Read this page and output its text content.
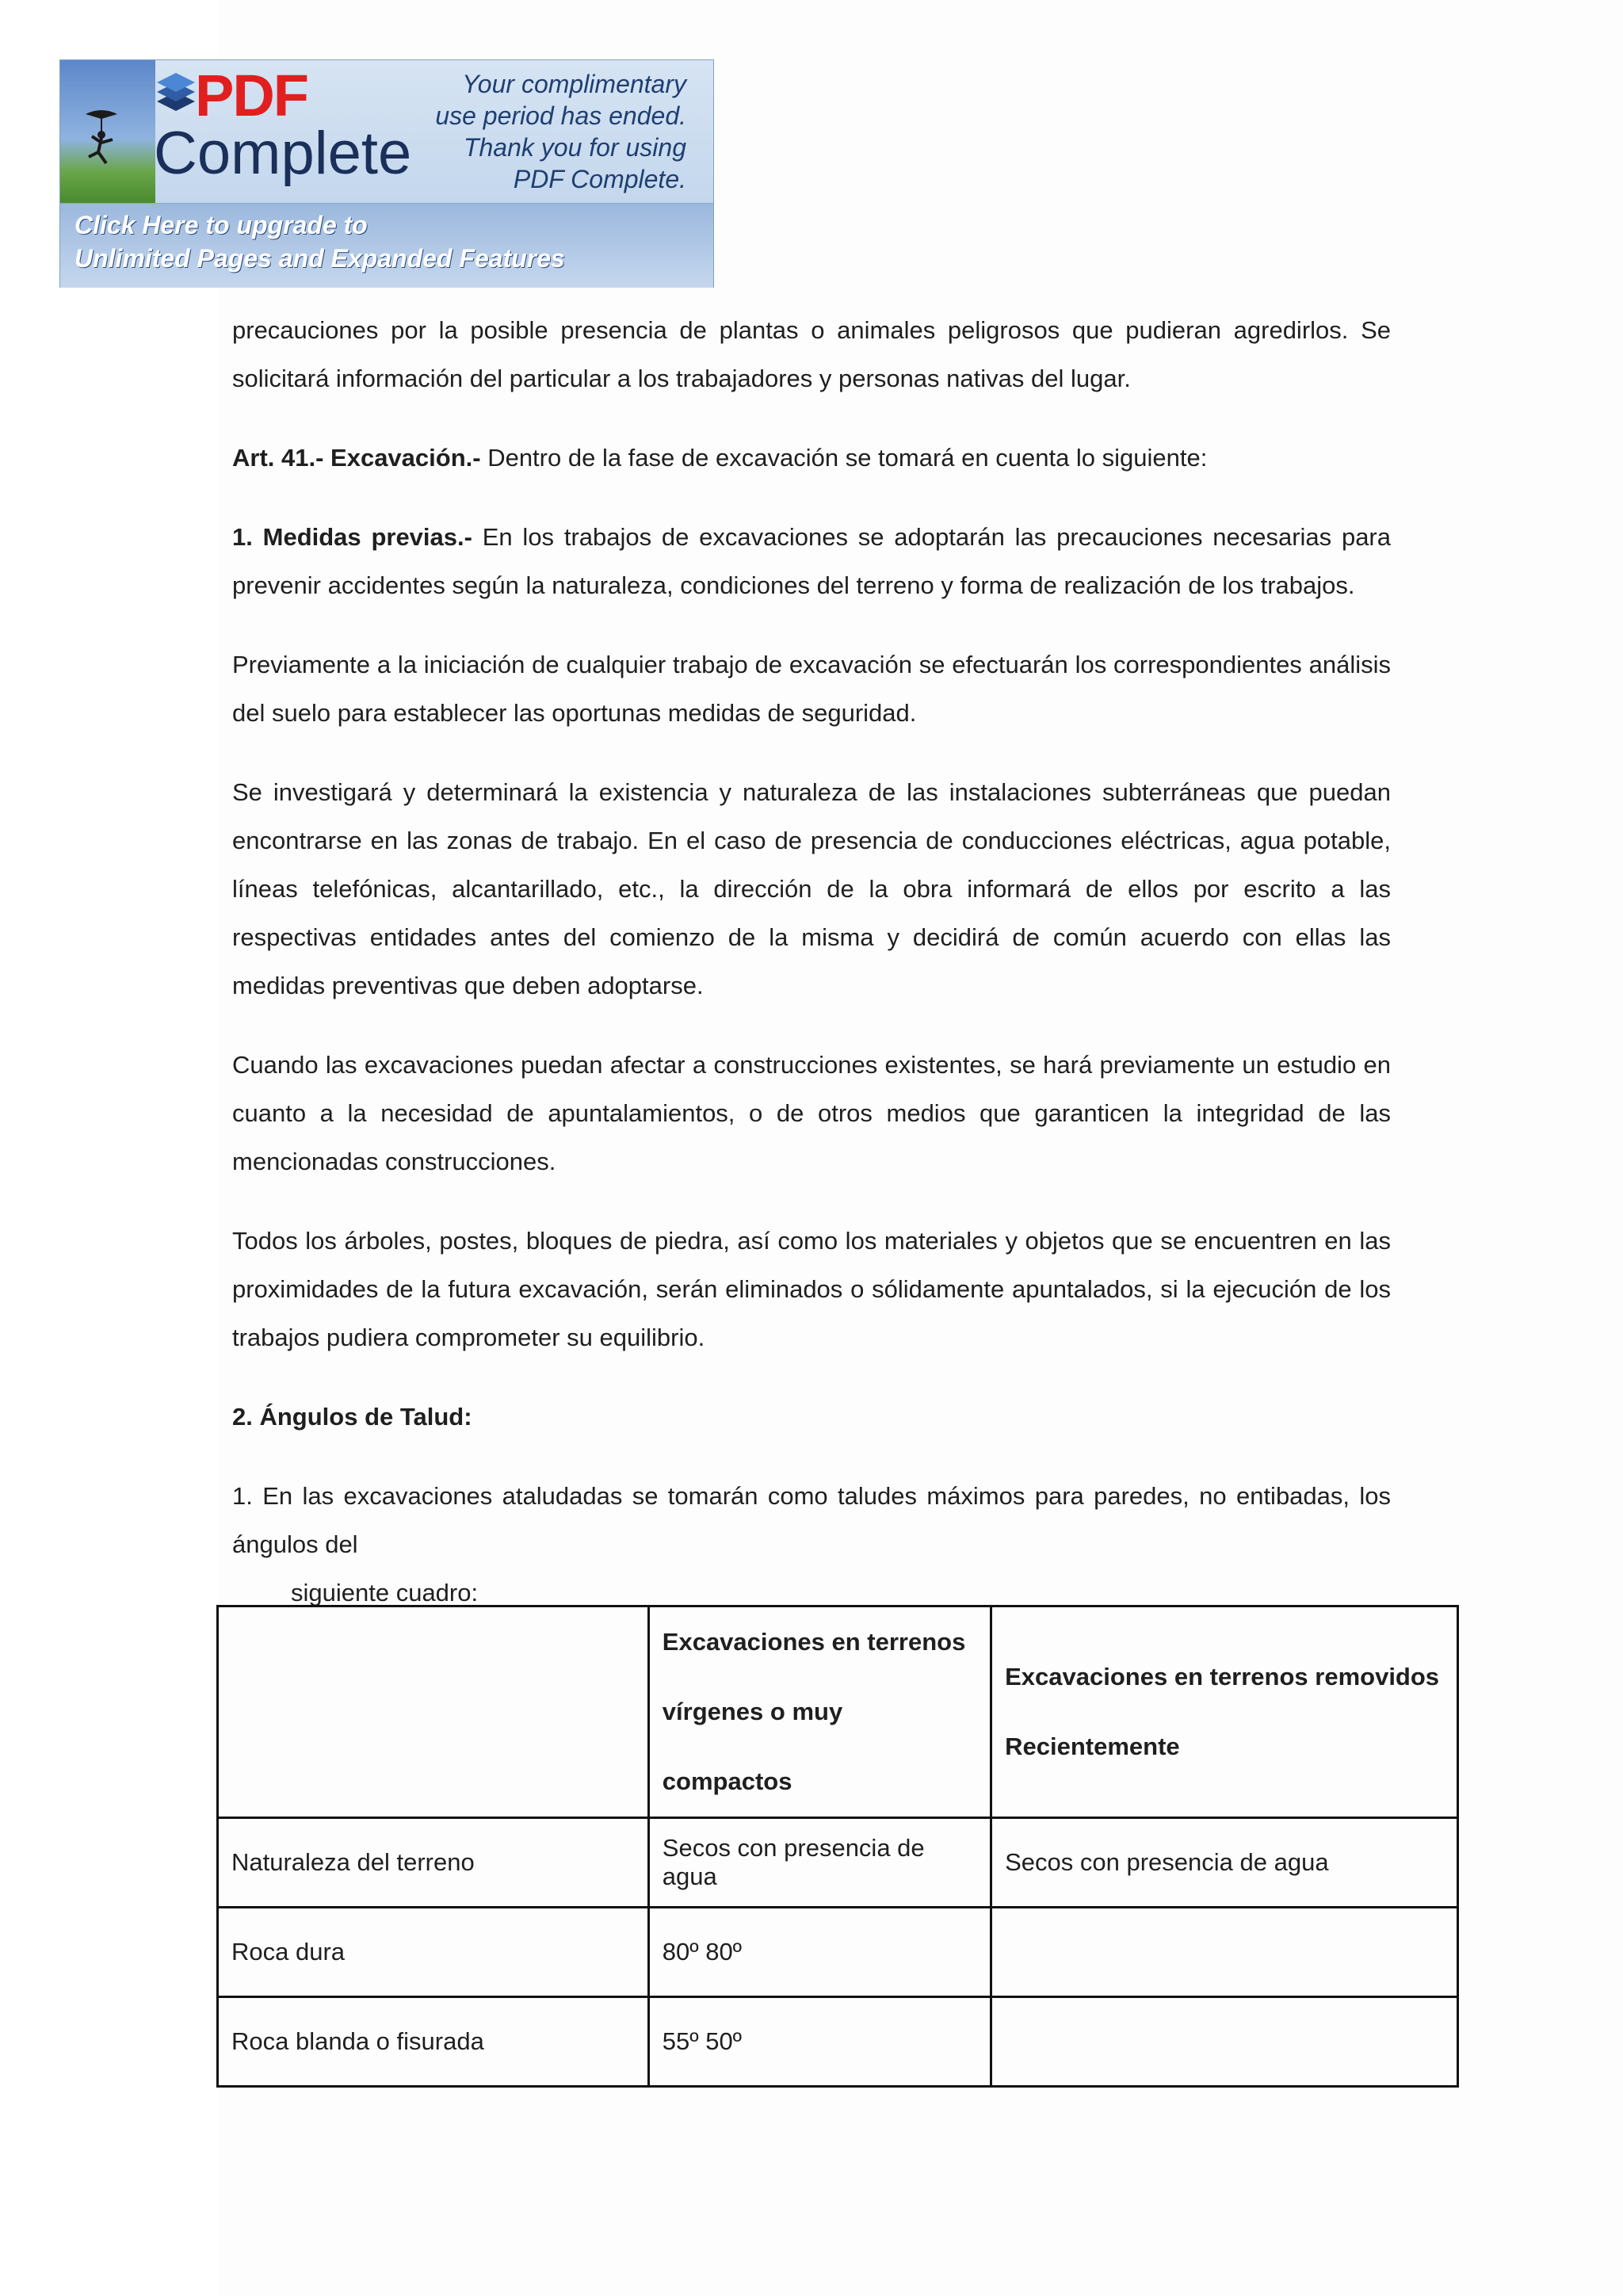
PDF
Complete
Your complimentary
use period has ended.
Thank you for using
PDF Complete.
Click Here to upgrade to
Unlimited Pages and Expanded Features

precauciones por la posible presencia de plantas o animales peligrosos que pudieran agredirlos. Se solicitará información del particular a los trabajadores y personas nativas del lugar.

Art. 41.- Excavación.- Dentro de la fase de excavación se tomará en cuenta lo siguiente:

1. Medidas previas.- En los trabajos de excavaciones se adoptarán las precauciones necesarias para prevenir accidentes según la naturaleza, condiciones del terreno y forma de realización de los trabajos.

Previamente a la iniciación de cualquier trabajo de excavación se efectuarán los correspondientes análisis del suelo para establecer las oportunas medidas de seguridad.

Se investigará y determinará la existencia y naturaleza de las instalaciones subterráneas que puedan encontrarse en las zonas de trabajo. En el caso de presencia de conducciones eléctricas, agua potable, líneas telefónicas, alcantarillado, etc., la dirección de la obra informará de ellos por escrito a las respectivas entidades antes del comienzo de la misma y decidirá de común acuerdo con ellas las medidas preventivas que deben adoptarse.

Cuando las excavaciones puedan afectar a construcciones existentes, se hará previamente un estudio en cuanto a la necesidad de apuntalamientos, o de otros medios que garanticen la integridad de las mencionadas construcciones.

Todos los árboles, postes, bloques de piedra, así como los materiales y objetos que se encuentren en las proximidades de la futura excavación, serán eliminados o sólidamente apuntalados, si la ejecución de los trabajos pudiera comprometer su equilibrio.

2. Ángulos de Talud:

1. En las excavaciones ataludadas se tomarán como taludes máximos para paredes, no entibadas, los ángulos del
siguiente cuadro:

	Excavaciones en terrenos vírgenes o muy compactos	Excavaciones en terrenos removidos Recientemente
Naturaleza del terreno	Secos con presencia de agua	Secos con presencia de agua
Roca dura	80º 80º	
Roca blanda o fisurada	55º 50º	
